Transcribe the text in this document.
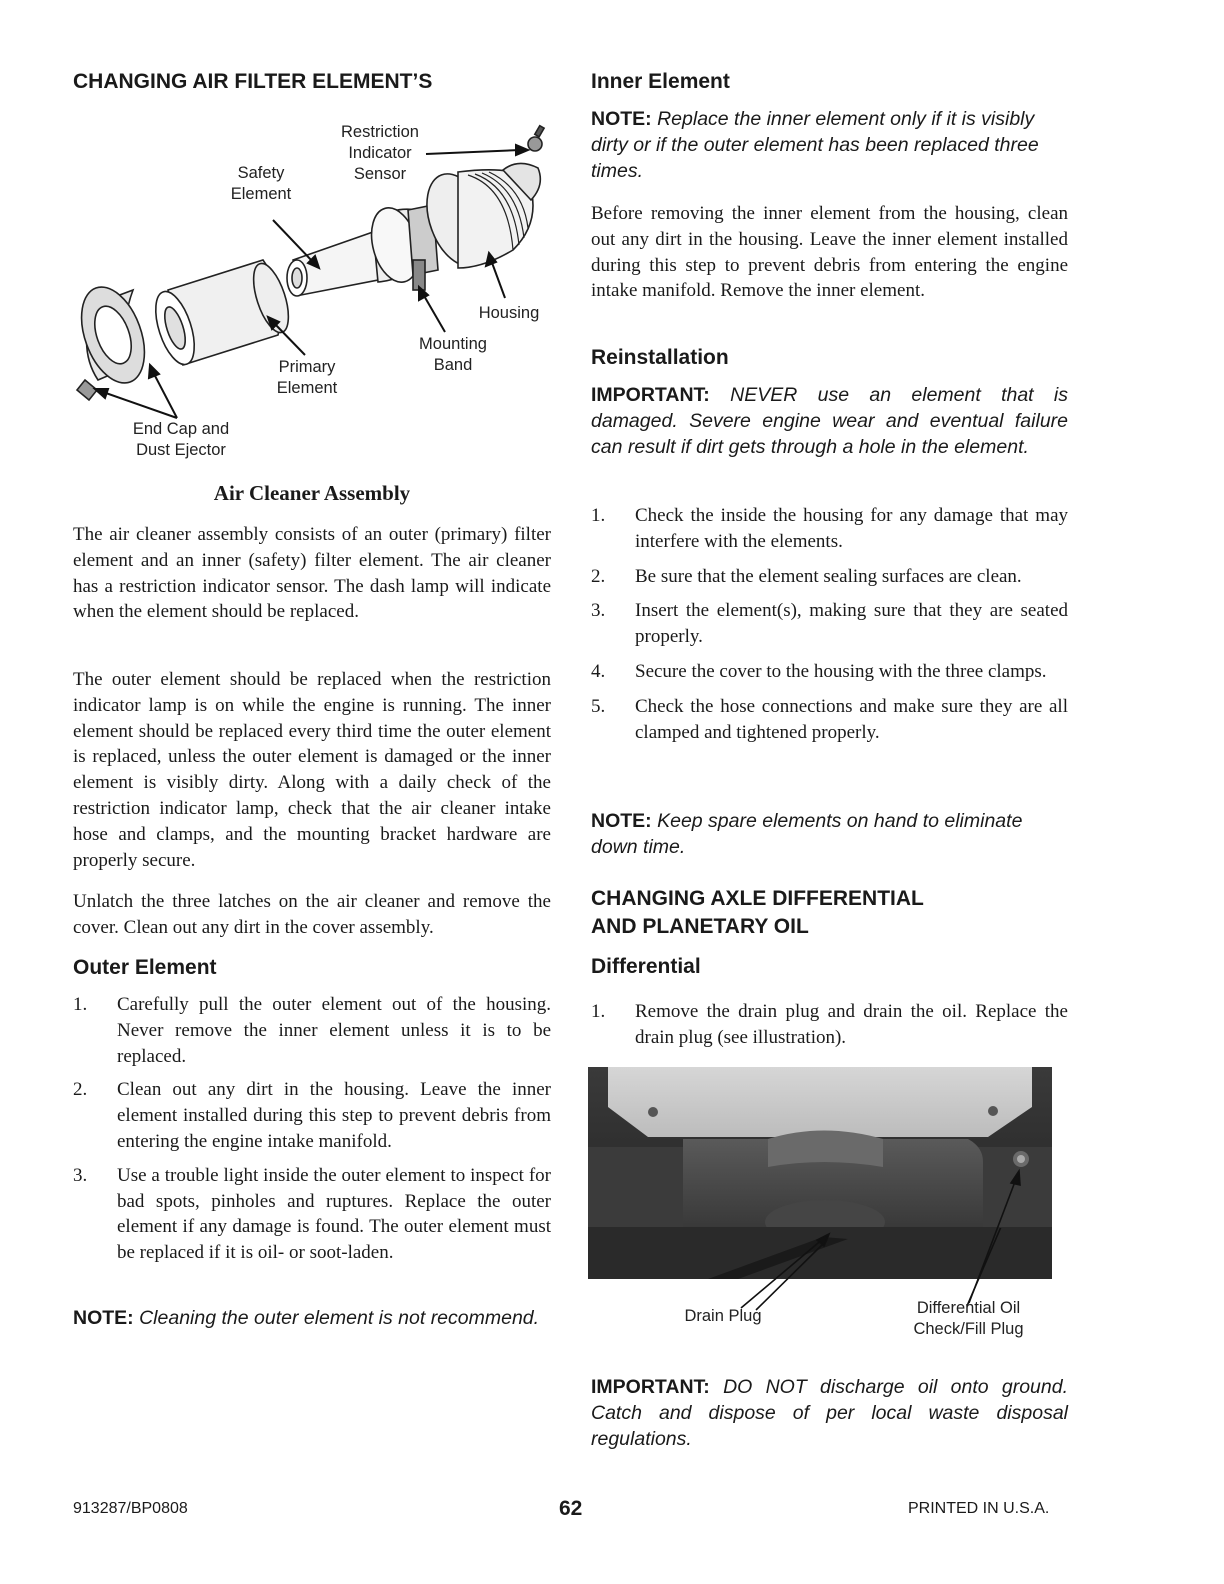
CHANGING AIR FILTER ELEMENT’S
Restriction
Indicator
Sensor
Safety
Element
Housing
Mounting
Band
Primary
Element
End Cap and
Dust Ejector
Air Cleaner Assembly

The air cleaner assembly consists of an outer (primary) filter element and an inner (safety) filter element. The air cleaner has a restriction indicator sensor. The dash lamp will indicate when the element should be replaced.

The outer element should be replaced when the restriction indicator lamp is on while the engine is running. The inner element should be replaced every third time the outer element is replaced, unless the outer element is damaged or the inner element is visibly dirty. Along with a daily check of the restriction indicator lamp, check that the air cleaner intake hose and clamps, and the mounting bracket hardware are properly secure.

Unlatch the three latches on the air cleaner and remove the cover. Clean out any dirt in the cover assembly.

Outer Element
1. Carefully pull the outer element out of the housing. Never remove the inner element unless it is to be replaced.
2. Clean out any dirt in the housing. Leave the inner element installed during this step to prevent debris from entering the engine intake manifold.
3. Use a trouble light inside the outer element to inspect for bad spots, pinholes and ruptures. Replace the outer element if any damage is found. The outer element must be replaced if it is oil- or soot-laden.

NOTE: Cleaning the outer element is not recommend.

Inner Element

NOTE: Replace the inner element only if it is visibly dirty or if the outer element has been replaced three times.

Before removing the inner element from the housing, clean out any dirt in the housing. Leave the inner element installed during this step to prevent debris from entering the engine intake manifold. Remove the inner element.

Reinstallation

IMPORTANT: NEVER use an element that is damaged. Severe engine wear and eventual failure can result if dirt gets through a hole in the element.

1. Check the inside the housing for any damage that may interfere with the elements.
2. Be sure that the element sealing surfaces are clean.
3. Insert the element(s), making sure that they are seated properly.
4. Secure the cover to the housing with the three clamps.
5. Check the hose connections and make sure they are all clamped and tightened properly.

NOTE: Keep spare elements on hand to eliminate down time.

CHANGING AXLE DIFFERENTIAL
AND PLANETARY OIL
Differential
1. Remove the drain plug and drain the oil. Replace the drain plug (see illustration).
Drain Plug	Differential Oil
Check/Fill Plug

IMPORTANT: DO NOT discharge oil onto ground. Catch and dispose of per local waste disposal regulations.

913287/BP0808	62	PRINTED IN U.S.A.
